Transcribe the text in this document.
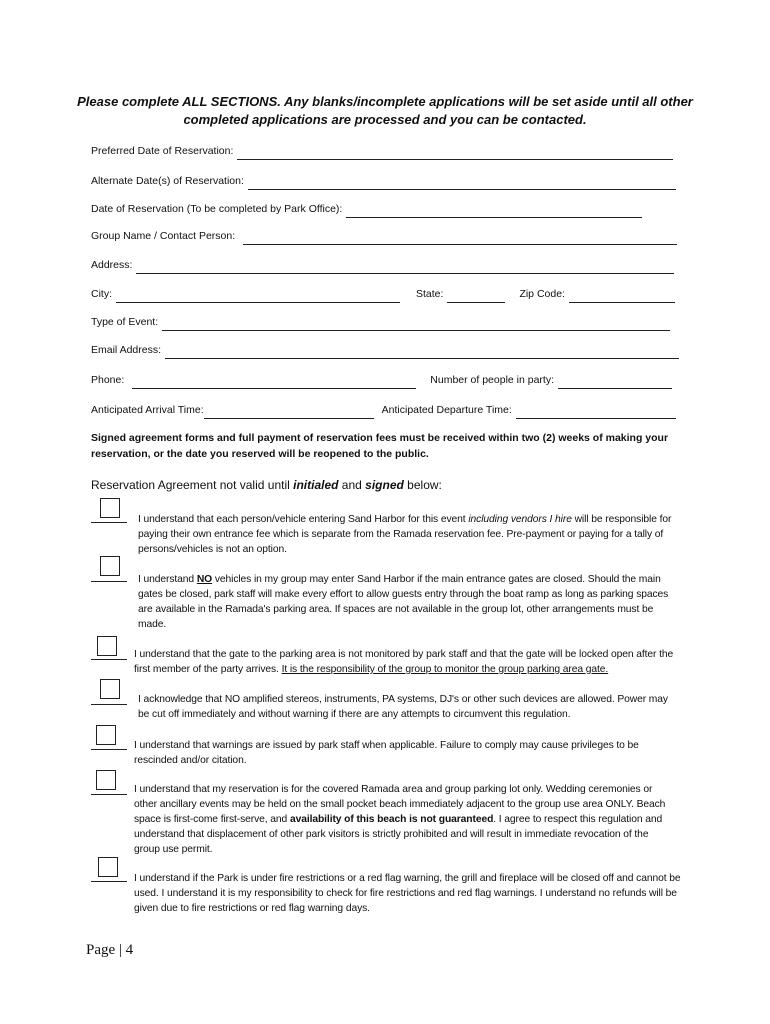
Please complete ALL SECTIONS. Any blanks/incomplete applications will be set aside until all other
completed applications are processed and you can be contacted.
Preferred Date of Reservation:
Alternate Date(s) of Reservation:
Date of Reservation (To be completed by Park Office):
Group Name / Contact Person:
Address:
City:	State:	Zip Code:
Type of Event:
Email Address:
Phone:	Number of people in party:
Anticipated Arrival Time:	Anticipated Departure Time:
Signed agreement forms and full payment of reservation fees must be received within two (2) weeks of making your reservation, or the date you reserved will be reopened to the public.
Reservation Agreement not valid until initialed and signed below:
I understand that each person/vehicle entering Sand Harbor for this event including vendors I hire will be responsible for paying their own entrance fee which is separate from the Ramada reservation fee. Pre-payment or paying for a tally of persons/vehicles is not an option.
I understand NO vehicles in my group may enter Sand Harbor if the main entrance gates are closed. Should the main gates be closed, park staff will make every effort to allow guests entry through the boat ramp as long as parking spaces are available in the Ramada's parking area. If spaces are not available in the group lot, other arrangements must be made.
I understand that the gate to the parking area is not monitored by park staff and that the gate will be locked open after the first member of the party arrives. It is the responsibility of the group to monitor the group parking area gate.
I acknowledge that NO amplified stereos, instruments, PA systems, DJ's or other such devices are allowed. Power may be cut off immediately and without warning if there are any attempts to circumvent this regulation.
I understand that warnings are issued by park staff when applicable. Failure to comply may cause privileges to be rescinded and/or citation.
I understand that my reservation is for the covered Ramada area and group parking lot only. Wedding ceremonies or other ancillary events may be held on the small pocket beach immediately adjacent to the group use area ONLY. Beach space is first-come first-serve, and availability of this beach is not guaranteed. I agree to respect this regulation and understand that displacement of other park visitors is strictly prohibited and will result in immediate revocation of the group use permit.
I understand if the Park is under fire restrictions or a red flag warning, the grill and fireplace will be closed off and cannot be used. I understand it is my responsibility to check for fire restrictions and red flag warnings. I understand no refunds will be given due to fire restrictions or red flag warning days.
Page | 4
